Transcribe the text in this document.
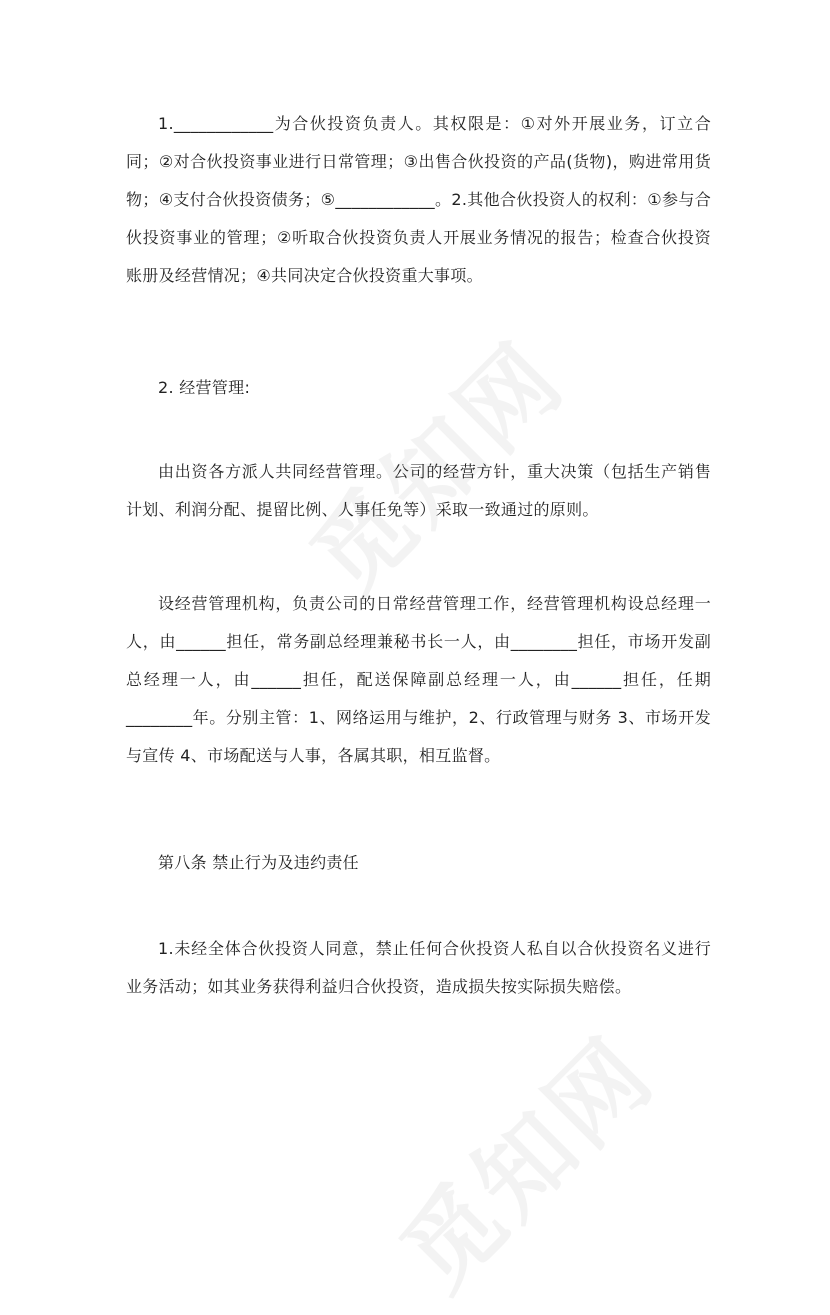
1.____________为合伙投资负责人。其权限是：①对外开展业务，订立合同；②对合伙投资事业进行日常管理；③出售合伙投资的产品(货物)，购进常用货物；④支付合伙投资债务；⑤____________。2.其他合伙投资人的权利：①参与合伙投资事业的管理；②听取合伙投资负责人开展业务情况的报告；检查合伙投资账册及经营情况；④共同决定合伙投资重大事项。

2. 经营管理:

由出资各方派人共同经营管理。公司的经营方针，重大决策（包括生产销售计划、利润分配、提留比例、人事任免等）采取一致通过的原则。

设经营管理机构，负责公司的日常经营管理工作，经营管理机构设总经理一人，由______担任，常务副总经理兼秘书长一人，由________担任，市场开发副总经理一人，由______担任，配送保障副总经理一人，由______担任，任期________年。分别主管：1、网络运用与维护，2、行政管理与财务 3、市场开发与宣传 4、市场配送与人事，各属其职，相互监督。

第八条 禁止行为及违约责任

1.未经全体合伙投资人同意，禁止任何合伙投资人私自以合伙投资名义进行业务活动；如其业务获得利益归合伙投资，造成损失按实际损失赔偿。
